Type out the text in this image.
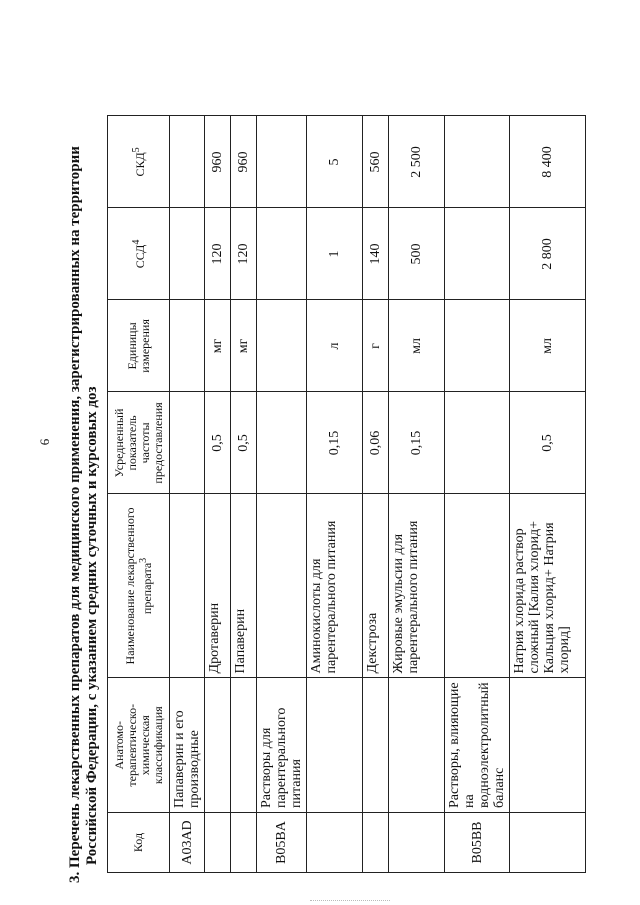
6 3. Перечень лекарственных препаратов для медицинского применения, зарегистрированных на территории Российской Федерации, с указанием средних суточных и курсовых доз	Код	Анатомо-терапевтическо-химическая классификация	Наименование лекарственного препарата$^3$	Усредненный показатель частоты предоставления	Единицы измерения	ССД$^4$	СКД$^5$
A03AD	Папаверин и его производные					
		Дротаверин	0,5	мг	120	960
		Папаверин	0,5	мг	120	960
B05BA	Растворы для парентерального питания					
		Аминокислоты для парентерального питания	0,15	л	1	5
		Декстроза	0,06	г	140	560
		Жировые эмульсии для парентерального питания	0,15	мл	500	2 500
B05BB	Растворы, влияющие на водноэлектролитный баланс					
		Натрия хлорида раствор сложный [Калия хлорид+ Кальция хлорид+ Натрия хлорид]	0,5	мл	2 800	8 400
